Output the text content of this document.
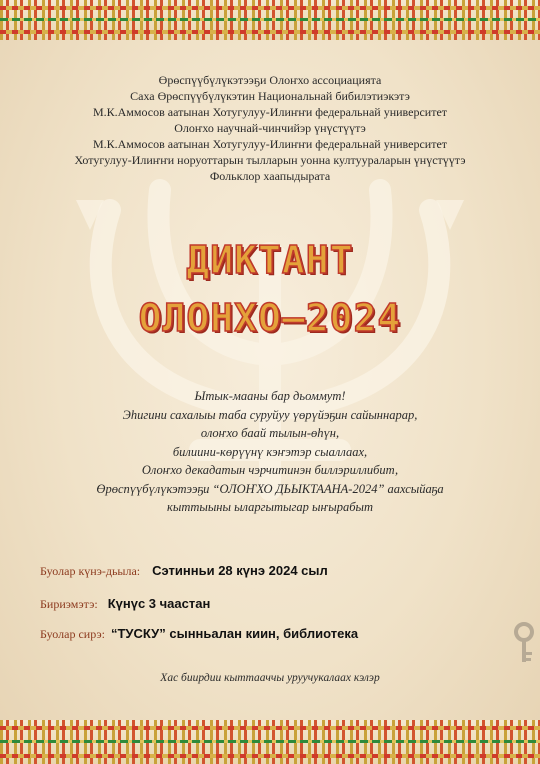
Өрөспүүбүлүкэтээҕи Олоҥхо ассоциацията
Саха Өрөспүүбүлүкэтин Национальнай бибилэтиэкэтэ
М.К.Аммосов аатынан Хотугулуу-Илиҥҥи федеральнай университет
Олоҥхо научнай-чинчийэр үнүстүүтэ
М.К.Аммосов аатынан Хотугулуу-Илиҥҥи федеральнай университет
Хотугулуу-Илиҥҥи норуоттарын тылларын уонна култуураларын үнүстүүтэ
Фольклор хаапыдырата
ДИКТАНТ
ОЛОНХО–2024
Ытык-мааны бар дьоммут!
Эһигини сахалыы таба суруйуу үөрүйэҕин сайыннарар,
олоҥхо баай тылын-өһүн,
билиини-көрүүнү кэҥэтэр сыаллаах,
Олоҥхо декадатын чэрчитинэн биллэриллибит,
Өрөспүүбүлүкэтээҕи “ОЛОҤХО ДЬЫКТААНА-2024” аахсыйаҕа
кыттыыны ыларгытыгар ыҥырабыт
Буолар күнэ-дьыла: Сэтинньи 28 күнэ 2024 сыл
Бириэмэтэ: Күнүс 3 чаастан
Буолар сирэ: “ТУСКУ” сынньалан киин, библиотека
Хас биирдии кыттааччы уруучукалаах кэлэр
